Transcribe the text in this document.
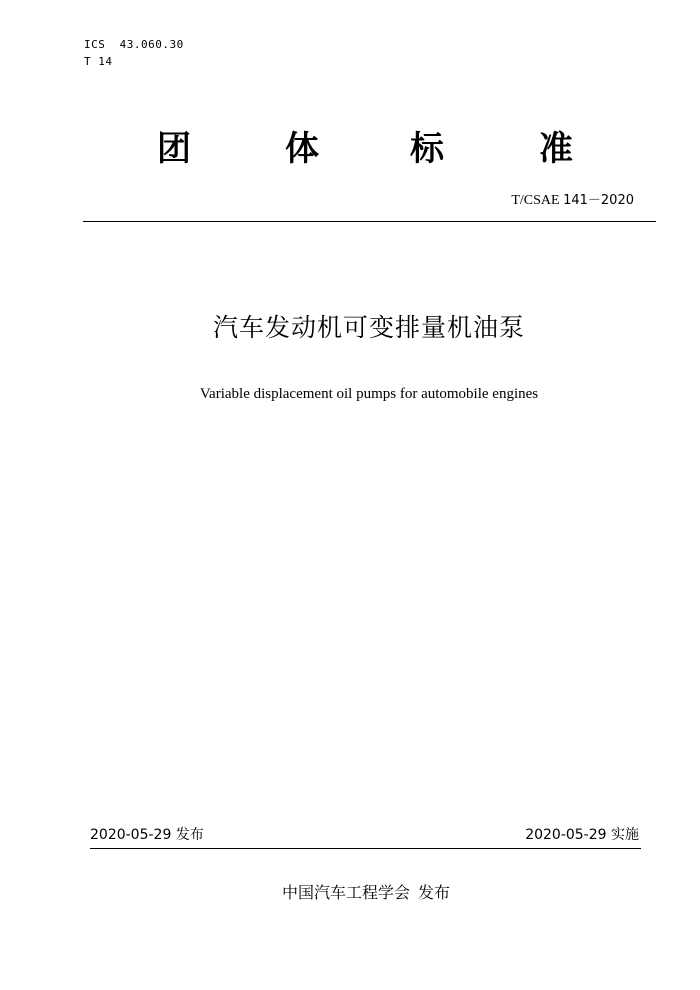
ICS  43.060.30
T 14
团	体	标	准
T/CSAE 141－2020
汽车发动机可变排量机油泵
Variable displacement oil pumps for automobile engines
2020-05-29 发布	2020-05-29 实施
中国汽车工程学会 发布
